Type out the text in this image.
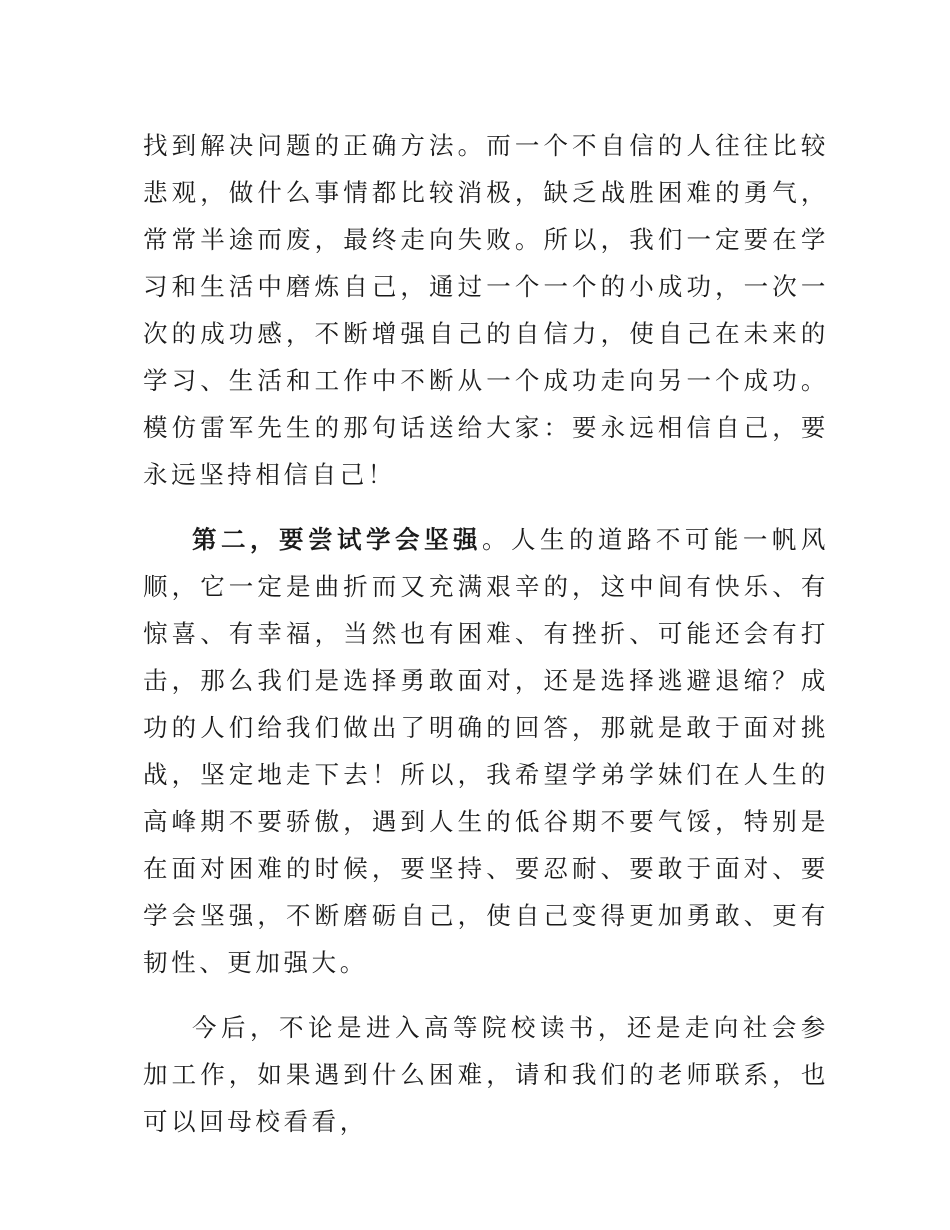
找到解决问题的正确方法。而一个不自信的人往往比较悲观，做什么事情都比较消极，缺乏战胜困难的勇气，常常半途而废，最终走向失败。所以，我们一定要在学习和生活中磨炼自己，通过一个一个的小成功，一次一次的成功感，不断增强自己的自信力，使自己在未来的学习、生活和工作中不断从一个成功走向另一个成功。模仿雷军先生的那句话送给大家：要永远相信自己，要永远坚持相信自己！

第二，要尝试学会坚强。人生的道路不可能一帆风顺，它一定是曲折而又充满艰辛的，这中间有快乐、有惊喜、有幸福，当然也有困难、有挫折、可能还会有打击，那么我们是选择勇敢面对，还是选择逃避退缩？成功的人们给我们做出了明确的回答，那就是敢于面对挑战，坚定地走下去！所以，我希望学弟学妹们在人生的高峰期不要骄傲，遇到人生的低谷期不要气馁，特别是在面对困难的时候，要坚持、要忍耐、要敢于面对、要学会坚强，不断磨砺自己，使自己变得更加勇敢、更有韧性、更加强大。

今后，不论是进入高等院校读书，还是走向社会参加工作，如果遇到什么困难，请和我们的老师联系，也可以回母校看看，
